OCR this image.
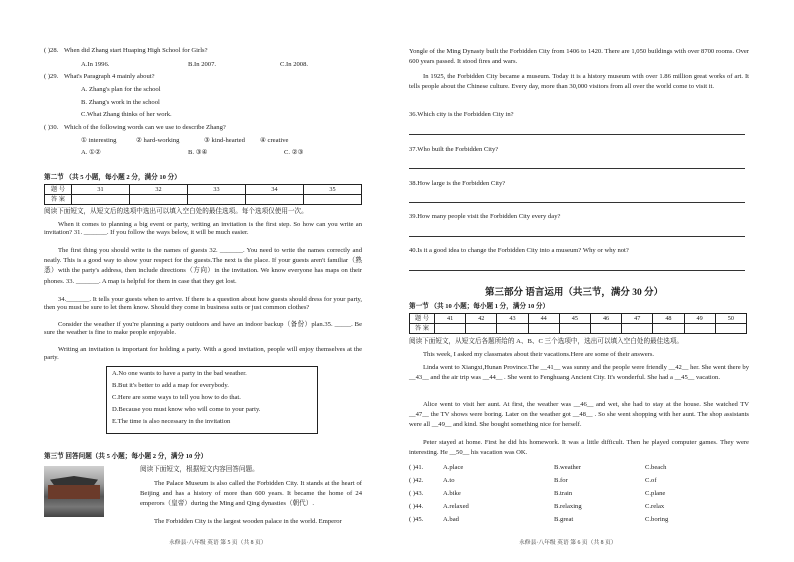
( )28. When did Zhang start Huaping High School for Girls?
A.In 1996.	B.In 2007.	C.In 2008.
( )29. What's Paragraph 4 mainly about?
A. Zhang's plan for the school
B. Zhang's work in the school
C.What Zhang thinks of her work.
( )30. Which of the following words can we use to describe Zhang?
① interesting	② hard-working	③ kind-hearted ④ creative
A. ①②	B. ③④	C. ②③
第二节 （共 5 小题，每小题 2 分，满分 10 分）
题 号	31	32	33	34	35
答 案					
阅读下面短文，从短文后的选项中选出可以填入空白处的最佳选项。每个选项仅使用一次。
When it comes to planning a big event or party, writing an invitation is the first step. So how can you write an invitation? 31. _______. If you follow the ways below, it will be much easier.
The first thing you should write is the names of guests 32. _______. You need to write the names correctly and neatly. This is a good way to show your respect for the guests.The next is the place. If your guests aren't familiar（熟悉）with the party's address, then include directions（方向）in the invitation. We know everyone has maps on their phones. 33. _______. A map is helpful for them in case that they get lost.
34._______. It tells your guests when to arrive. If there is a question about how guests should dress for your party, then you must be sure to let them know. Should they come in business suits or just common clothes?
Consider the weather if you're planning a party outdoors and have an indoor backup（备份）plan.35. _____. Be sure the weather is fine to make people enjoyable.
Writing an invitation is important for holding a party. With a good invitation, people will enjoy themselves at the party.
A.No one wants to have a party in the bad weather.
B.But it's better to add a map for everybody.
C.Here are some ways to tell you how to do that.
D.Because you must know who will come to your party.
E.The time is also necessary in the invitation
第三节 回答问题（共 5 小题；每小题 2 分，满分 10 分）
阅读下面短文，根据短文内容回答问题。
The Palace Museum is also called the Forbidden City. It stands at the heart of Beijing and has a history of more than 600 years. It became the home of 24 emperors（皇帝）during the Ming and Qing dynasties（朝代）.
The Forbidden City is the largest wooden palace in the world. Emperor
永修县·八年级 英语 第 5 页（共 8 页）
Yongle of the Ming Dynasty built the Forbidden City from 1406 to 1420. There are 1,050 buildings with over 8700 rooms. Over 600 years passed. It stood fires and wars.
In 1925, the Forbidden City became a museum. Today it is a history museum with over 1.86 million great works of art. It tells people about the Chinese culture. Every day, more than 30,000 visitors from all over the world come to visit it.
36.Which city is the Forbidden City in?
37.Who built the Forbidden City?
38.How large is the Forbidden City?
39.How many people visit the Forbidden City every day?
40.Is it a good idea to change the Forbidden City into a museum? Why or why not?
第三部分 语言运用（共三节，满分 30 分）
第一节 （共 10 小题；每小题 1 分，满分 10 分）
题 号	41	42	43	44	45	46	47	48	49	50
答 案										
阅读下面短文，从短文后各题所给的 A、B、C 三个选项中，选出可以填入空白处的最佳选项。
This week, I asked my classmates about their vacations.Here are some of their answers.
Linda went to Xiangxi,Hunan Province.The __41__ was sunny and the people were friendly __42__ her. She went there by __43__ and the air trip was __44__ . She went to Fenghuang Ancient City. It's wonderful. She had a __45__ vacation.
Alice went to visit her aunt. At first, the weather was __46__ and wet, she had to stay at the house. She watched TV __47__ the TV shows were boring. Later on the weather got __48__ . So she went shopping with her aunt. The shop assistants were all __49__ and kind. She bought something nice for herself.
Peter stayed at home. First he did his homework. It was a little difficult. Then he played computer games. They were interesting. He __50__ his vacation was OK.
( )41.	A.place	B.weather	C.beach
( )42.	A.to	B.for	C.of
( )43.	A.bike	B.train	C.plane
( )44.	A.relaxed	B.relaxing	C.relax
( )45.	A.bad	B.great	C.boring
永修县·八年级 英语 第 6 页（共 8 页）
